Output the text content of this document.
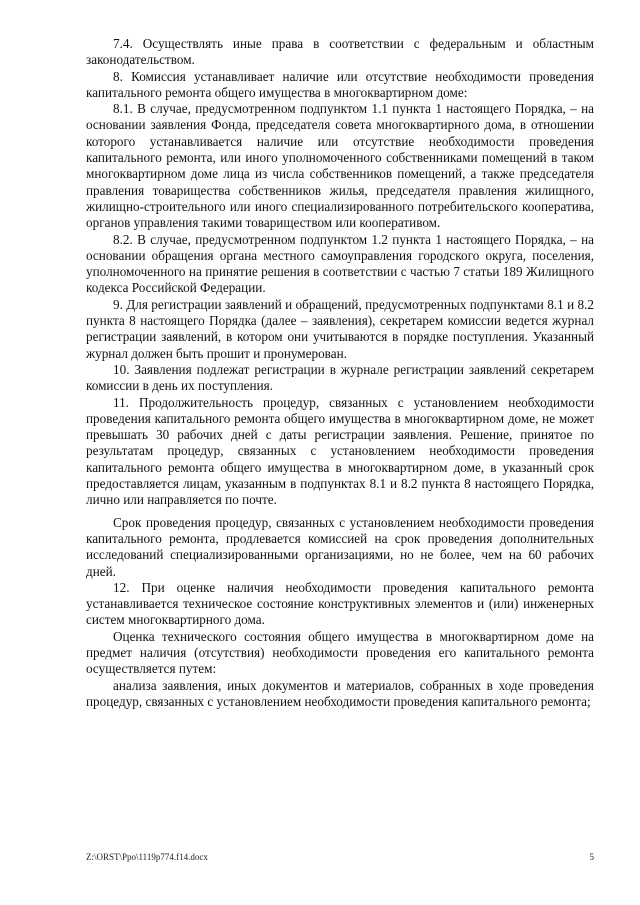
7.4. Осуществлять иные права в соответствии с федеральным и областным законодательством.

8. Комиссия устанавливает наличие или отсутствие необходимости проведения капитального ремонта общего имущества в многоквартирном доме:

8.1. В случае, предусмотренном подпунктом 1.1 пункта 1 настоящего Порядка, – на основании заявления Фонда, председателя совета многоквартирного дома, в отношении которого устанавливается наличие или отсутствие необходимости проведения капитального ремонта, или иного уполномоченного собственниками помещений в таком многоквартирном доме лица из числа собственников помещений, а также председателя правления товарищества собственников жилья, председателя правления жилищного, жилищно-строительного или иного специализированного потребительского кооператива, органов управления такими товариществом или кооперативом.

8.2. В случае, предусмотренном подпунктом 1.2 пункта 1 настоящего Порядка, – на основании обращения органа местного самоуправления городского округа, поселения, уполномоченного на принятие решения в соответствии с частью 7 статьи 189 Жилищного кодекса Российской Федерации.

9. Для регистрации заявлений и обращений, предусмотренных подпунктами 8.1 и 8.2 пункта 8 настоящего Порядка (далее – заявления), секретарем комиссии ведется журнал регистрации заявлений, в котором они учитываются в порядке поступления. Указанный журнал должен быть прошит и пронумерован.

10. Заявления подлежат регистрации в журнале регистрации заявлений секретарем комиссии в день их поступления.

11. Продолжительность процедур, связанных с установлением необходимости проведения капитального ремонта общего имущества в многоквартирном доме, не может превышать 30 рабочих дней с даты регистрации заявления. Решение, принятое по результатам процедур, связанных с установлением необходимости проведения капитального ремонта общего имущества в многоквартирном доме, в указанный срок предоставляется лицам, указанным в подпунктах 8.1 и 8.2 пункта 8 настоящего Порядка, лично или направляется по почте.

Срок проведения процедур, связанных с установлением необходимости проведения капитального ремонта, продлевается комиссией на срок проведения дополнительных исследований специализированными организациями, но не более, чем на 60 рабочих дней.

12. При оценке наличия необходимости проведения капитального ремонта устанавливается техническое состояние конструктивных элементов и (или) инженерных систем многоквартирного дома.

Оценка технического состояния общего имущества в многоквартирном доме на предмет наличия (отсутствия) необходимости проведения его капитального ремонта осуществляется путем:

анализа заявления, иных документов и материалов, собранных в ходе проведения процедур, связанных с установлением необходимости проведения капитального ремонта;

Z:\ORST\Ppo\1119p774.f14.docx	5
